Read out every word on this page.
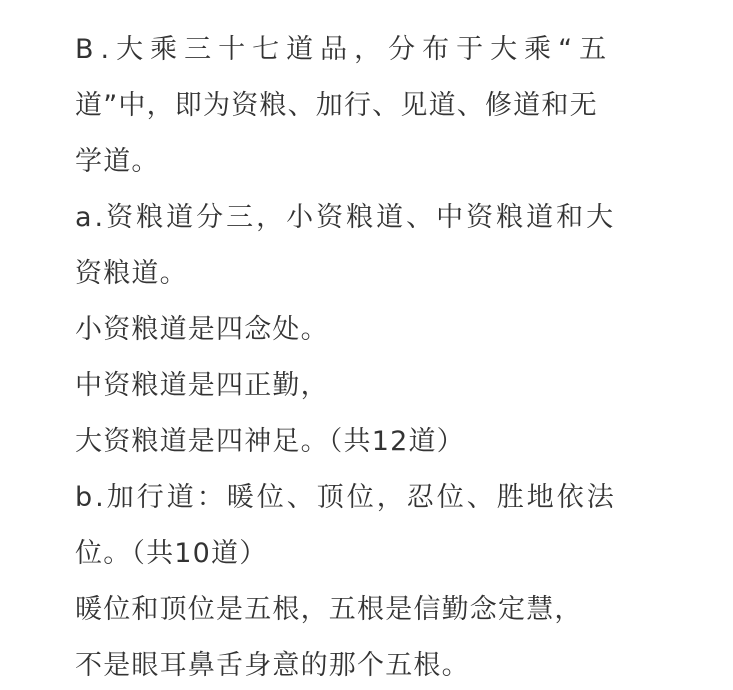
B.大乘三十七道品，分布于大乘“五
道”中，即为资粮、加行、见道、修道和无
学道。
a.资粮道分三，小资粮道、中资粮道和大
资粮道。
小资粮道是四念处。
中资粮道是四正勤，
大资粮道是四神足。（共12道）
b.加行道：暖位、顶位，忍位、胜地依法
位。（共10道）
暖位和顶位是五根，五根是信勤念定慧，
不是眼耳鼻舌身意的那个五根。
